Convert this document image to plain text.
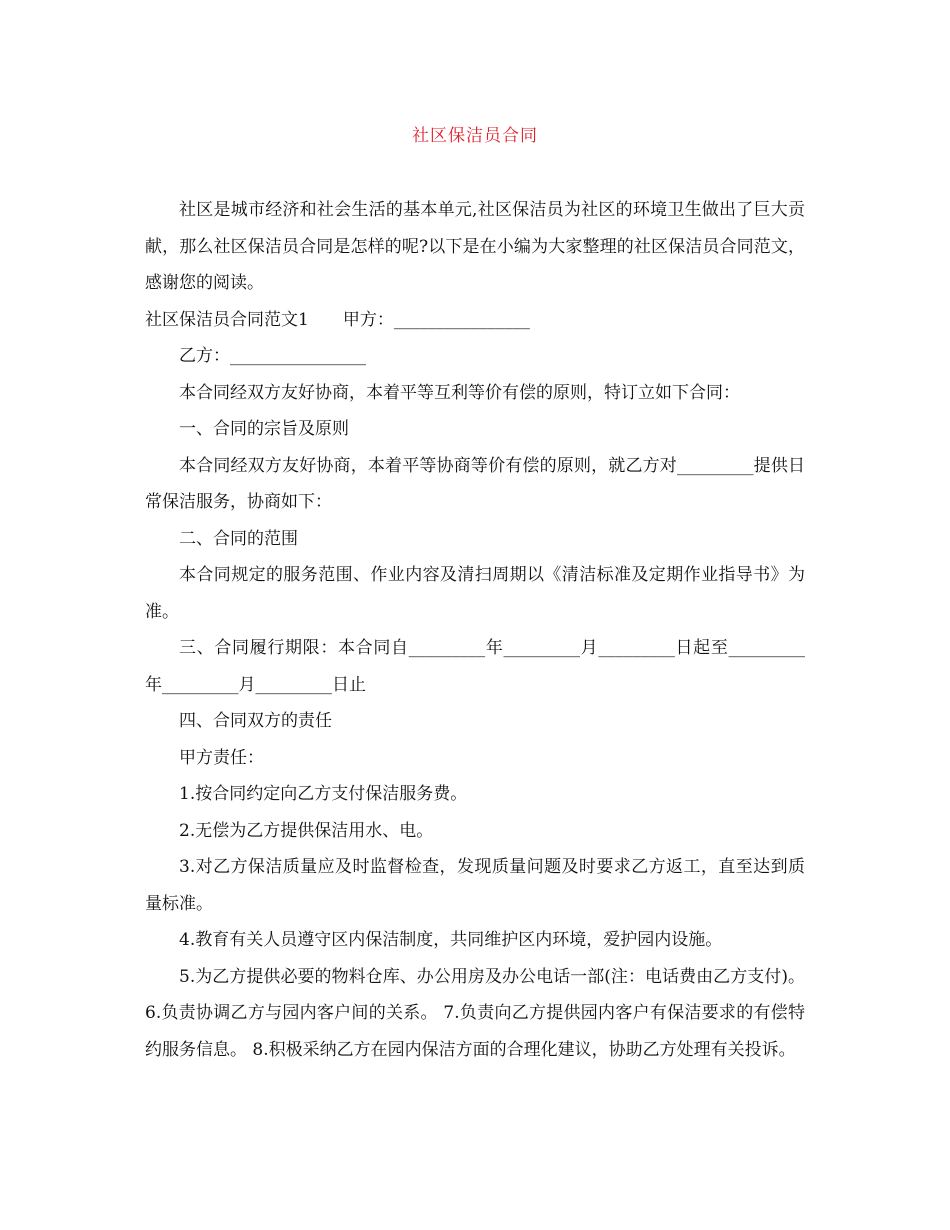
社区保洁员合同

社区是城市经济和社会生活的基本单元,社区保洁员为社区的环境卫生做出了巨大贡献，那么社区保洁员合同是怎样的呢?以下是在小编为大家整理的社区保洁员合同范文，感谢您的阅读。

社区保洁员合同范文1　　甲方：________________

乙方：________________

本合同经双方友好协商，本着平等互利等价有偿的原则，特订立如下合同：

一、合同的宗旨及原则

本合同经双方友好协商，本着平等协商等价有偿的原则，就乙方对_________提供日常保洁服务，协商如下：

二、合同的范围

本合同规定的服务范围、作业内容及清扫周期以《清洁标准及定期作业指导书》为准。

三、合同履行期限：本合同自_________年_________月_________日起至_________年_________月_________日止

四、合同双方的责任

甲方责任：

1.按合同约定向乙方支付保洁服务费。

2.无偿为乙方提供保洁用水、电。

3.对乙方保洁质量应及时监督检查，发现质量问题及时要求乙方返工，直至达到质量标准。

4.教育有关人员遵守区内保洁制度，共同维护区内环境，爱护园内设施。

5.为乙方提供必要的物料仓库、办公用房及办公电话一部(注：电话费由乙方支付)。 6.负责协调乙方与园内客户间的关系。 7.负责向乙方提供园内客户有保洁要求的有偿特约服务信息。 8.积极采纳乙方在园内保洁方面的合理化建议，协助乙方处理有关投诉。
